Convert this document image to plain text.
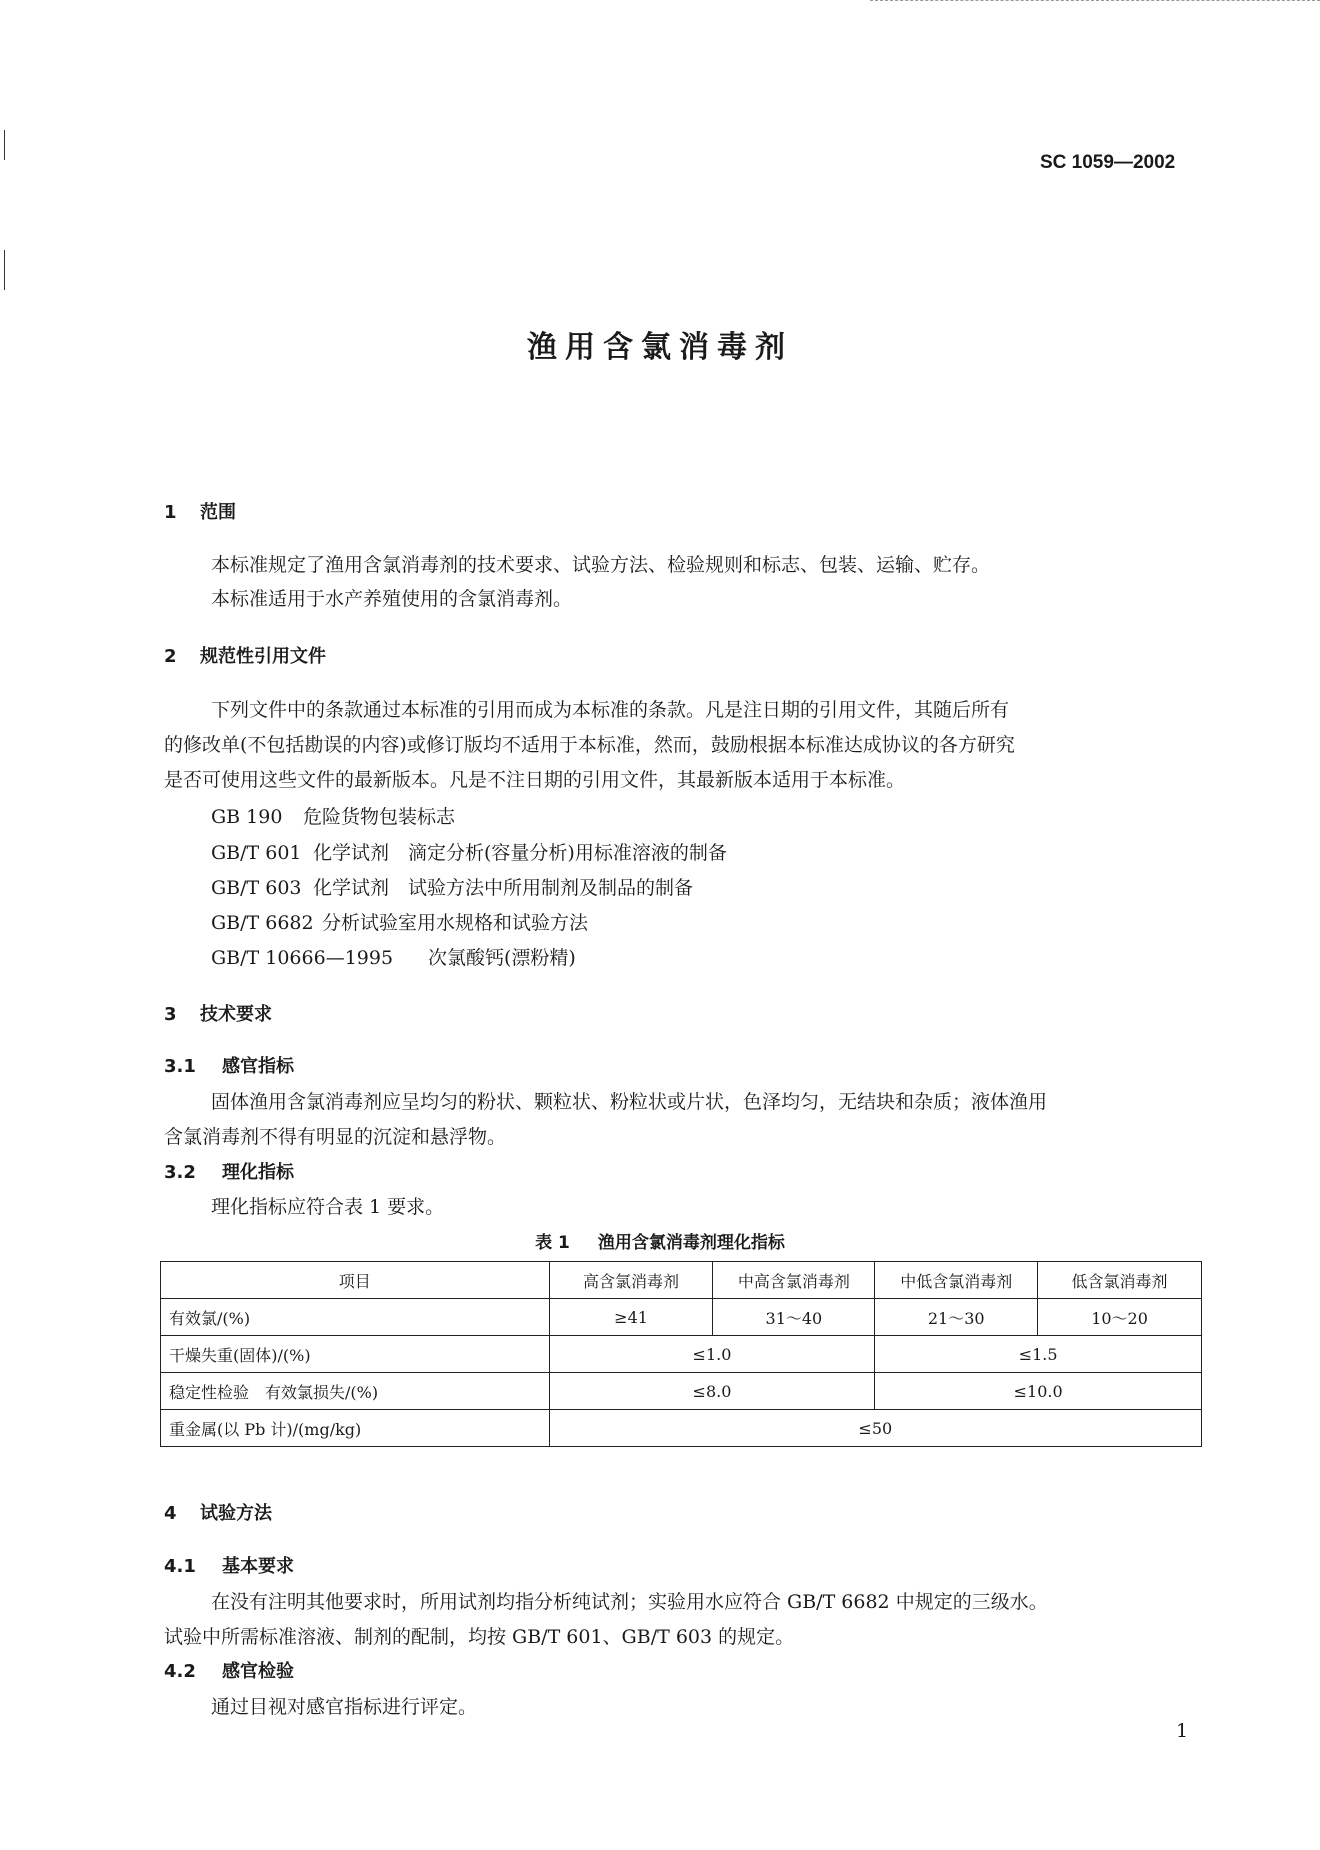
SC 1059—2002
渔用含氯消毒剂
1 范围
本标准规定了渔用含氯消毒剂的技术要求、试验方法、检验规则和标志、包装、运输、贮存。
本标准适用于水产养殖使用的含氯消毒剂。
2 规范性引用文件
下列文件中的条款通过本标准的引用而成为本标准的条款。凡是注日期的引用文件，其随后所有
的修改单(不包括勘误的内容)或修订版均不适用于本标准，然而，鼓励根据本标准达成协议的各方研究
是否可使用这些文件的最新版本。凡是不注日期的引用文件，其最新版本适用于本标准。
GB 190 危险货物包装标志
GB/T 601 化学试剂　滴定分析(容量分析)用标准溶液的制备
GB/T 603 化学试剂　试验方法中所用制剂及制品的制备
GB/T 6682 分析试验室用水规格和试验方法
GB/T 10666—1995 次氯酸钙(漂粉精)
3 技术要求
3.1 感官指标
固体渔用含氯消毒剂应呈均匀的粉状、颗粒状、粉粒状或片状，色泽均匀，无结块和杂质；液体渔用
含氯消毒剂不得有明显的沉淀和悬浮物。
3.2 理化指标
理化指标应符合表 1 要求。
表 1 渔用含氯消毒剂理化指标
项目	高含氯消毒剂	中高含氯消毒剂	中低含氯消毒剂	低含氯消毒剂
有效氯/(%)	≥41	31～40	21～30	10～20
干燥失重(固体)/(%)	≤1.0		≤1.5	
稳定性检验　有效氯损失/(%)	≤8.0		≤10.0	
重金属(以 Pb 计)/(mg/kg)	≤50			
4 试验方法
4.1 基本要求
在没有注明其他要求时，所用试剂均指分析纯试剂；实验用水应符合 GB/T 6682 中规定的三级水。
试验中所需标准溶液、制剂的配制，均按 GB/T 601、GB/T 603 的规定。
4.2 感官检验
通过目视对感官指标进行评定。
1
